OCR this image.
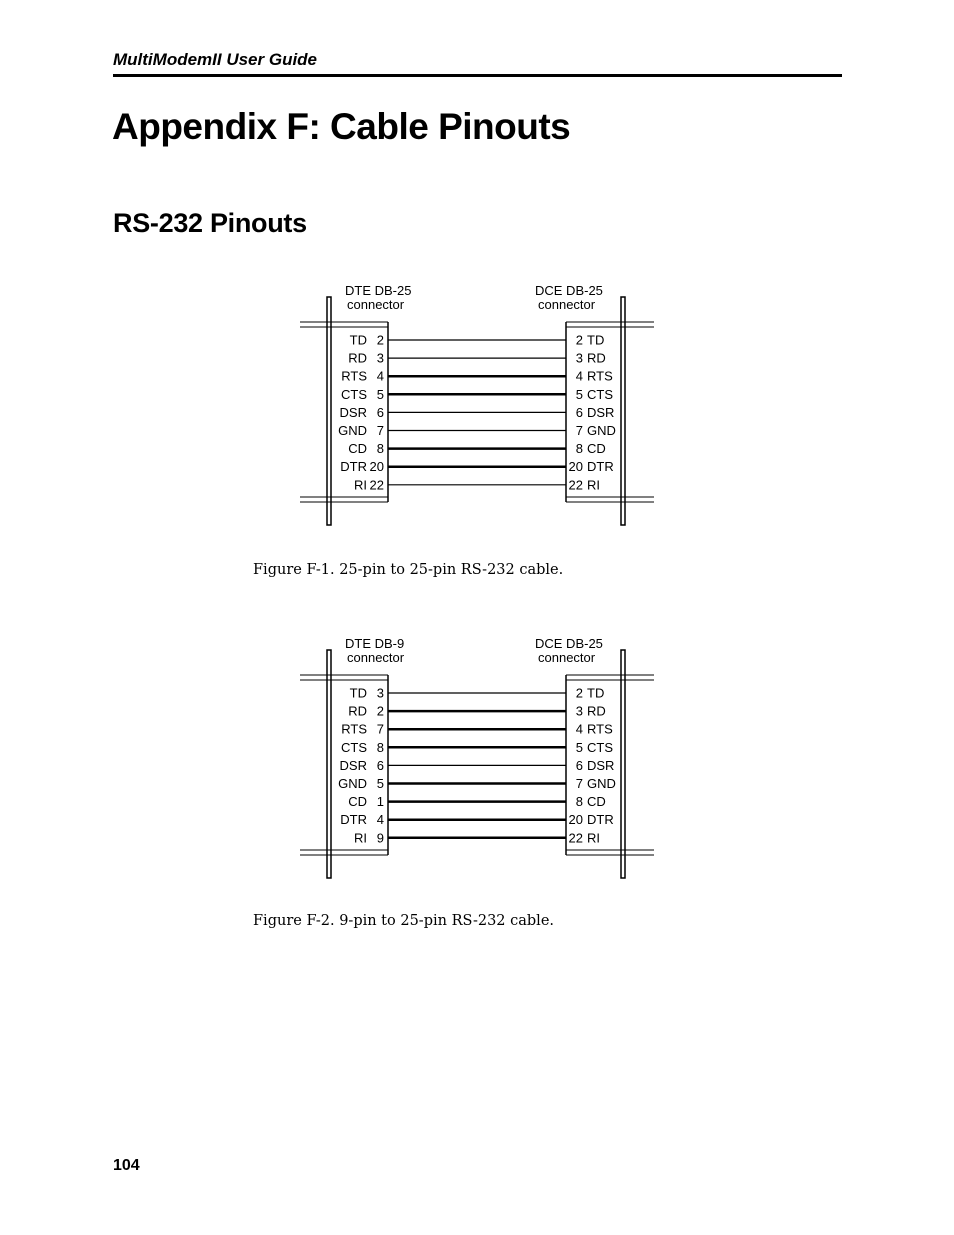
MultiModemII User Guide
Appendix F: Cable Pinouts
RS-232 Pinouts
DTE DB-25
connector
DCE DB-25
connector
TD 2	2 TD
RD 3	3 RD
RTS 4	4 RTS
CTS 5	5 CTS
DSR 6	6 DSR
GND 7	7 GND
CD 8	8 CD
DTR 20	20 DTR
RI 22	22 RI
Figure F-1. 25-pin to 25-pin RS-232 cable.
DTE DB-9
connector
DCE DB-25
connector
TD 3	2 TD
RD 2	3 RD
RTS 7	4 RTS
CTS 8	5 CTS
DSR 6	6 DSR
GND 5	7 GND
CD 1	8 CD
DTR 4	20 DTR
RI 9	22 RI
Figure F-2. 9-pin to 25-pin RS-232 cable.
104
